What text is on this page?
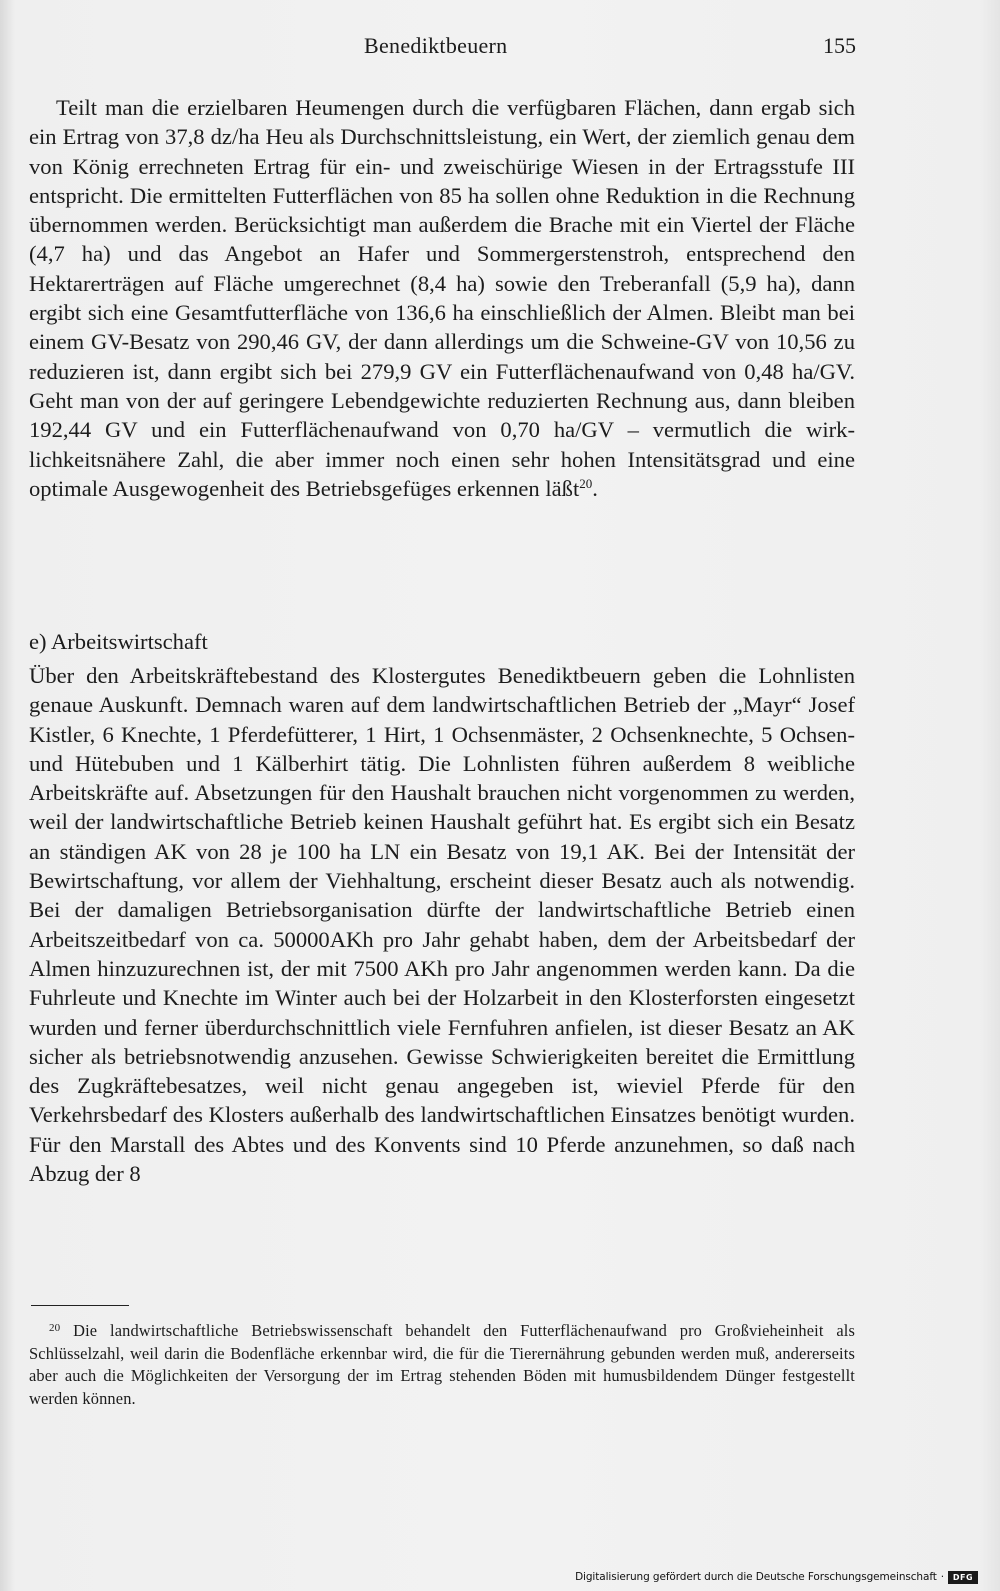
Benediktbeuern	155

Teilt man die erzielbaren Heumengen durch die verfügbaren Flächen, dann ergab sich ein Ertrag von 37,8 dz/ha Heu als Durchschnittsleistung, ein Wert, der ziemlich genau dem von König errechneten Ertrag für ein- und zweischürige Wiesen in der Ertragsstufe III entspricht. Die ermittelten Futterflächen von 85 ha sollen ohne Reduktion in die Rechnung übernommen werden. Berücksichtigt man außerdem die Brache mit ein Viertel der Fläche (4,7 ha) und das Angebot an Hafer und Sommergerstenstroh, entsprechend den Hektarerträgen auf Fläche umgerechnet (8,4 ha) sowie den Treberanfall (5,9 ha), dann ergibt sich eine Gesamtfutterfläche von 136,6 ha einschließlich der Almen. Bleibt man bei einem GV-Besatz von 290,46 GV, der dann allerdings um die Schweine-GV von 10,56 zu reduzieren ist, dann ergibt sich bei 279,9 GV ein Futterflächenaufwand von 0,48 ha/GV. Geht man von der auf geringere Lebendgewichte reduzierten Rechnung aus, dann bleiben 192,44 GV und ein Futterflächenaufwand von 0,70 ha/GV – vermutlich die wirklichkeitsnähere Zahl, die aber immer noch einen sehr hohen Intensitätsgrad und eine optimale Ausgewogenheit des Betriebsgefüges erkennen läßt$^{20}$.

e) Arbeitswirtschaft

Über den Arbeitskräftebestand des Klostergutes Benediktbeuern geben die Lohnlisten genaue Auskunft. Demnach waren auf dem landwirtschaftlichen Betrieb der „Mayr“ Josef Kistler, 6 Knechte, 1 Pferdefütterer, 1 Hirt, 1 Ochsenmäster, 2 Ochsenknechte, 5 Ochsen- und Hütebuben und 1 Kälberhirt tätig. Die Lohnlisten führen außerdem 8 weibliche Arbeitskräfte auf. Absetzungen für den Haushalt brauchen nicht vorgenommen zu werden, weil der landwirtschaftliche Betrieb keinen Haushalt geführt hat. Es ergibt sich ein Besatz an ständigen AK von 28 je 100 ha LN ein Besatz von 19,1 AK. Bei der Intensität der Bewirtschaftung, vor allem der Viehhaltung, erscheint dieser Besatz auch als notwendig. Bei der damaligen Betriebsorganisation dürfte der landwirtschaftliche Betrieb einen Arbeitszeitbedarf von ca. 50000AKh pro Jahr gehabt haben, dem der Arbeitsbedarf der Almen hinzuzurechnen ist, der mit 7500 AKh pro Jahr angenommen werden kann. Da die Fuhrleute und Knechte im Winter auch bei der Holzarbeit in den Klosterforsten eingesetzt wurden und ferner überdurchschnittlich viele Fernfuhren anfielen, ist dieser Besatz an AK sicher als betriebsnotwendig anzusehen. Gewisse Schwierigkeiten bereitet die Ermittlung des Zugkräftebesatzes, weil nicht genau angegeben ist, wieviel Pferde für den Verkehrsbedarf des Klosters außerhalb des landwirtschaftlichen Einsatzes benötigt wurden. Für den Marstall des Abtes und des Konvents sind 10 Pferde anzunehmen, so daß nach Abzug der 8

$^{20}$ Die landwirtschaftliche Betriebswissenschaft behandelt den Futterflächenaufwand pro Großvieheinheit als Schlüsselzahl, weil darin die Bodenfläche erkennbar wird, die für die Tierernährung gebunden werden muß, andererseits aber auch die Möglichkeiten der Versorgung der im Ertrag stehenden Böden mit humusbildendem Dünger festgestellt werden können.

Digitalisierung gefördert durch die Deutsche Forschungsgemeinschaft ·	DFG
